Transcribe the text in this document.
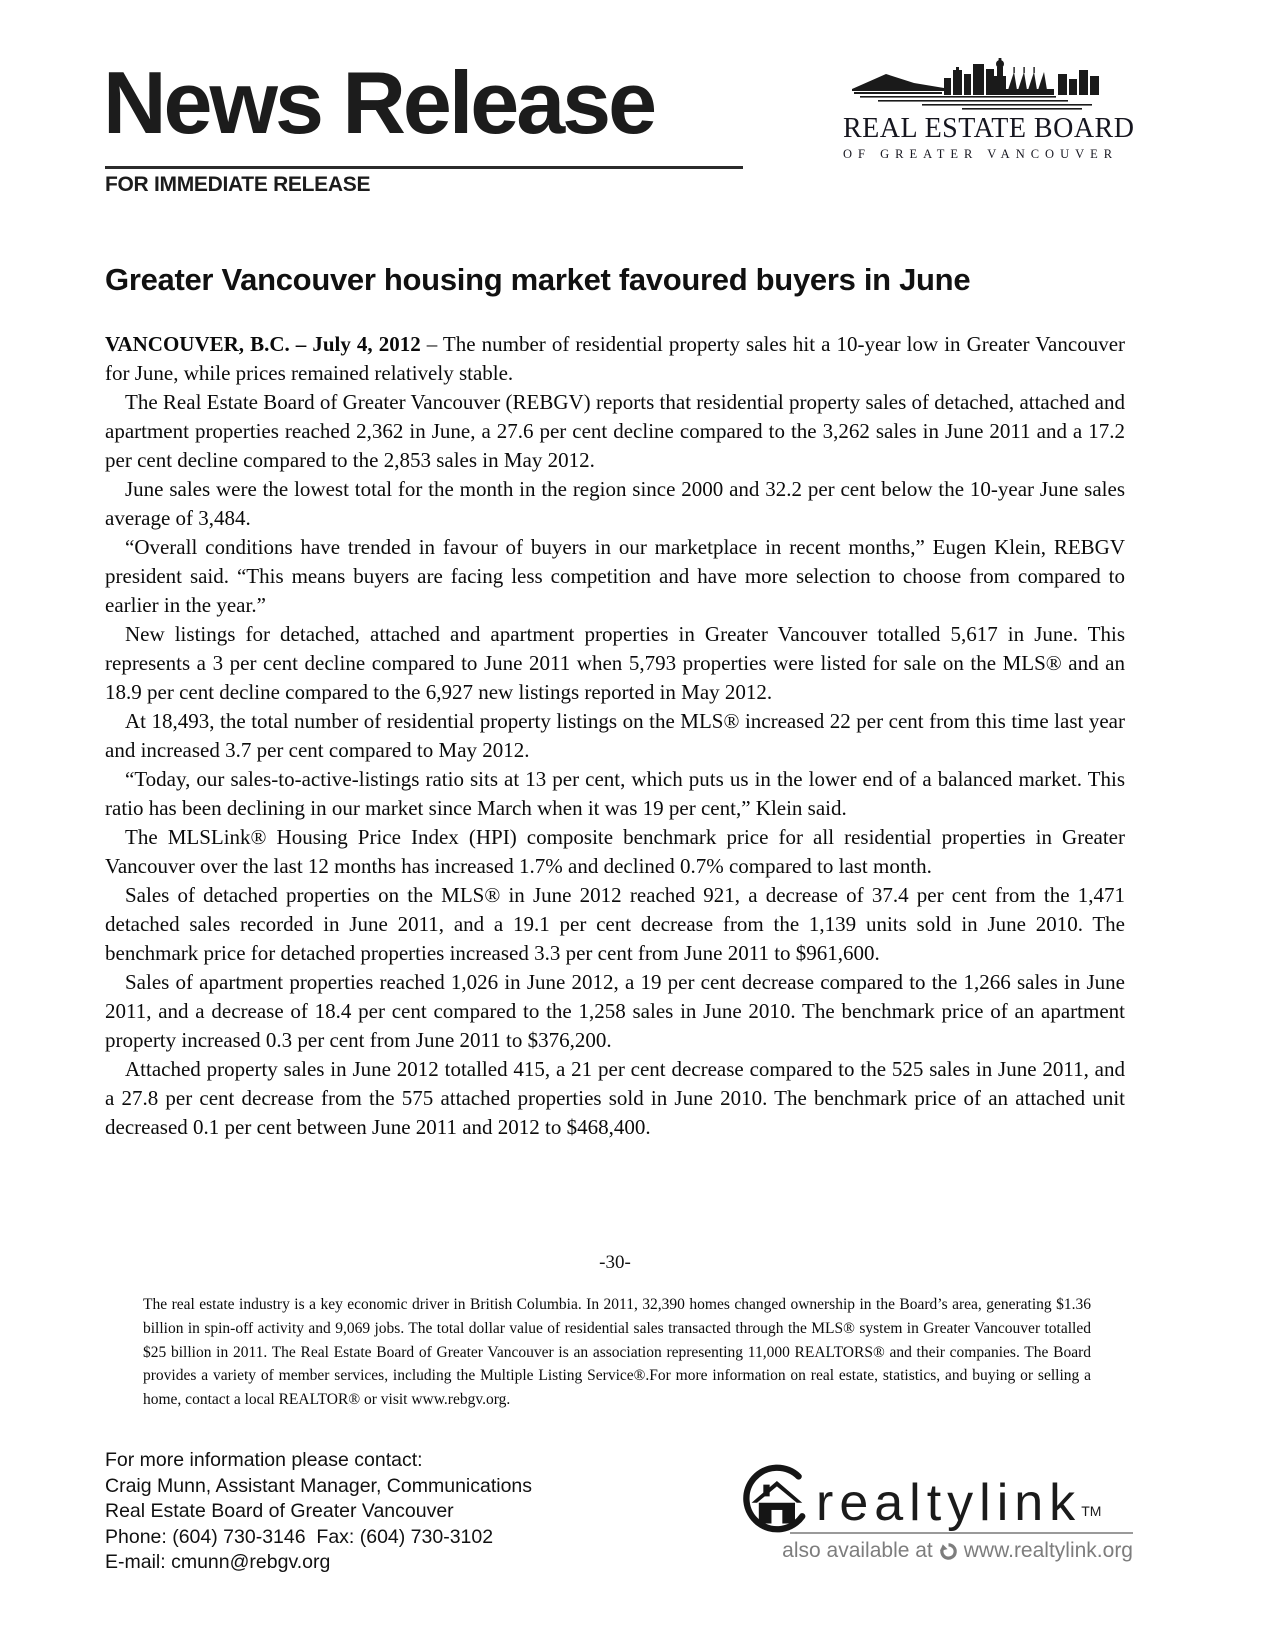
News Release
FOR IMMEDIATE RELEASE
REAL ESTATE BOARD
OF GREATER VANCOUVER
Greater Vancouver housing market favoured buyers in June

VANCOUVER, B.C. – July 4, 2012 – The number of residential property sales hit a 10-year low in Greater Vancouver for June, while prices remained relatively stable.

The Real Estate Board of Greater Vancouver (REBGV) reports that residential property sales of detached, attached and apartment properties reached 2,362 in June, a 27.6 per cent decline compared to the 3,262 sales in June 2011 and a 17.2 per cent decline compared to the 2,853 sales in May 2012.

June sales were the lowest total for the month in the region since 2000 and 32.2 per cent below the 10-year June sales average of 3,484.

“Overall conditions have trended in favour of buyers in our marketplace in recent months,” Eugen Klein, REBGV president said. “This means buyers are facing less competition and have more selection to choose from compared to earlier in the year.”

New listings for detached, attached and apartment properties in Greater Vancouver totalled 5,617 in June. This represents a 3 per cent decline compared to June 2011 when 5,793 properties were listed for sale on the MLS® and an 18.9 per cent decline compared to the 6,927 new listings reported in May 2012.

At 18,493, the total number of residential property listings on the MLS® increased 22 per cent from this time last year and increased 3.7 per cent compared to May 2012.

“Today, our sales-to-active-listings ratio sits at 13 per cent, which puts us in the lower end of a balanced market. This ratio has been declining in our market since March when it was 19 per cent,” Klein said.

The MLSLink® Housing Price Index (HPI) composite benchmark price for all residential properties in Greater Vancouver over the last 12 months has increased 1.7% and declined 0.7% compared to last month.

Sales of detached properties on the MLS® in June 2012 reached 921, a decrease of 37.4 per cent from the 1,471 detached sales recorded in June 2011, and a 19.1 per cent decrease from the 1,139 units sold in June 2010. The benchmark price for detached properties increased 3.3 per cent from June 2011 to $961,600.

Sales of apartment properties reached 1,026 in June 2012, a 19 per cent decrease compared to the 1,266 sales in June 2011, and a decrease of 18.4 per cent compared to the 1,258 sales in June 2010. The benchmark price of an apartment property increased 0.3 per cent from June 2011 to $376,200.

Attached property sales in June 2012 totalled 415, a 21 per cent decrease compared to the 525 sales in June 2011, and a 27.8 per cent decrease from the 575 attached properties sold in June 2010. The benchmark price of an attached unit decreased 0.1 per cent between June 2011 and 2012 to $468,400.

-30-

The real estate industry is a key economic driver in British Columbia. In 2011, 32,390 homes changed ownership in the Board’s area, generating $1.36 billion in spin-off activity and 9,069 jobs. The total dollar value of residential sales transacted through the MLS® system in Greater Vancouver totalled $25 billion in 2011. The Real Estate Board of Greater Vancouver is an association representing 11,000 REALTORS® and their companies. The Board provides a variety of member services, including the Multiple Listing Service®.For more information on real estate, statistics, and buying or selling a home, contact a local REALTOR® or visit www.rebgv.org.

For more information please contact:
Craig Munn, Assistant Manager, Communications
Real Estate Board of Greater Vancouver
Phone: (604) 730-3146  Fax: (604) 730-3102
E-mail: cmunn@rebgv.org
realtylink™
also available at www.realtylink.org
